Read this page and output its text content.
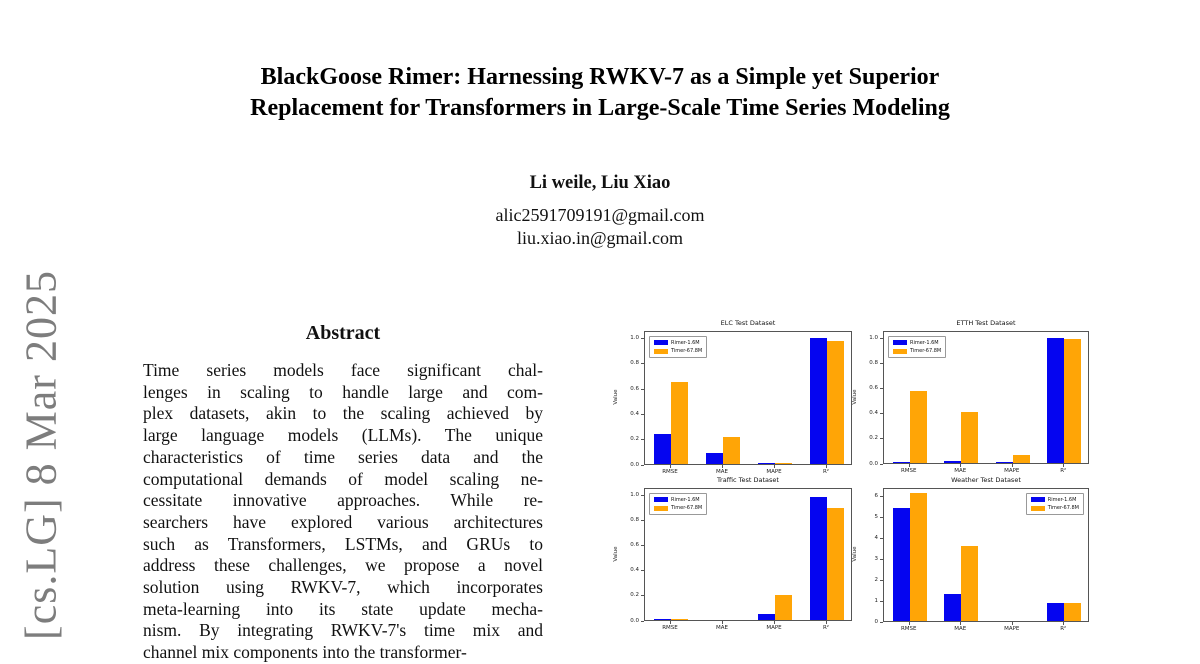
[cs.LG] 8 Mar 2025
BlackGoose Rimer: Harnessing RWKV-7 as a Simple yet Superior
Replacement for Transformers in Large-Scale Time Series Modeling
Li weile, Liu Xiao
alic2591709191@gmail.com
liu.xiao.in@gmail.com
Abstract
Time series models face significant chal-
lenges in scaling to handle large and com-
plex datasets, akin to the scaling achieved by
large language models (LLMs). The unique
characteristics of time series data and the
computational demands of model scaling ne-
cessitate innovative approaches. While re-
searchers have explored various architectures
such as Transformers, LSTMs, and GRUs to
address these challenges, we propose a novel
solution using RWKV-7, which incorporates
meta-learning into its state update mecha-
nism. By integrating RWKV-7's time mix and
channel mix components into the transformer-
ELC Test Dataset
Value
Rimer-1.6M
Timer-67.8M
0.0
0.2
0.4
0.6
0.8
1.0
RMSE	MAE	MAPE	R²
ETTH Test Dataset
Value
Rimer-1.6M
Timer-67.8M
0.0
0.2
0.4
0.6
0.8
1.0
RMSE	MAE	MAPE	R²
Traffic Test Dataset
Value
Rimer-1.6M
Timer-67.8M
0.0
0.2
0.4
0.6
0.8
1.0
RMSE	MAE	MAPE	R²
Weather Test Dataset
Value
Rimer-1.6M
Timer-67.8M
0
1
2
3
4
5
6
RMSE	MAE	MAPE	R²
